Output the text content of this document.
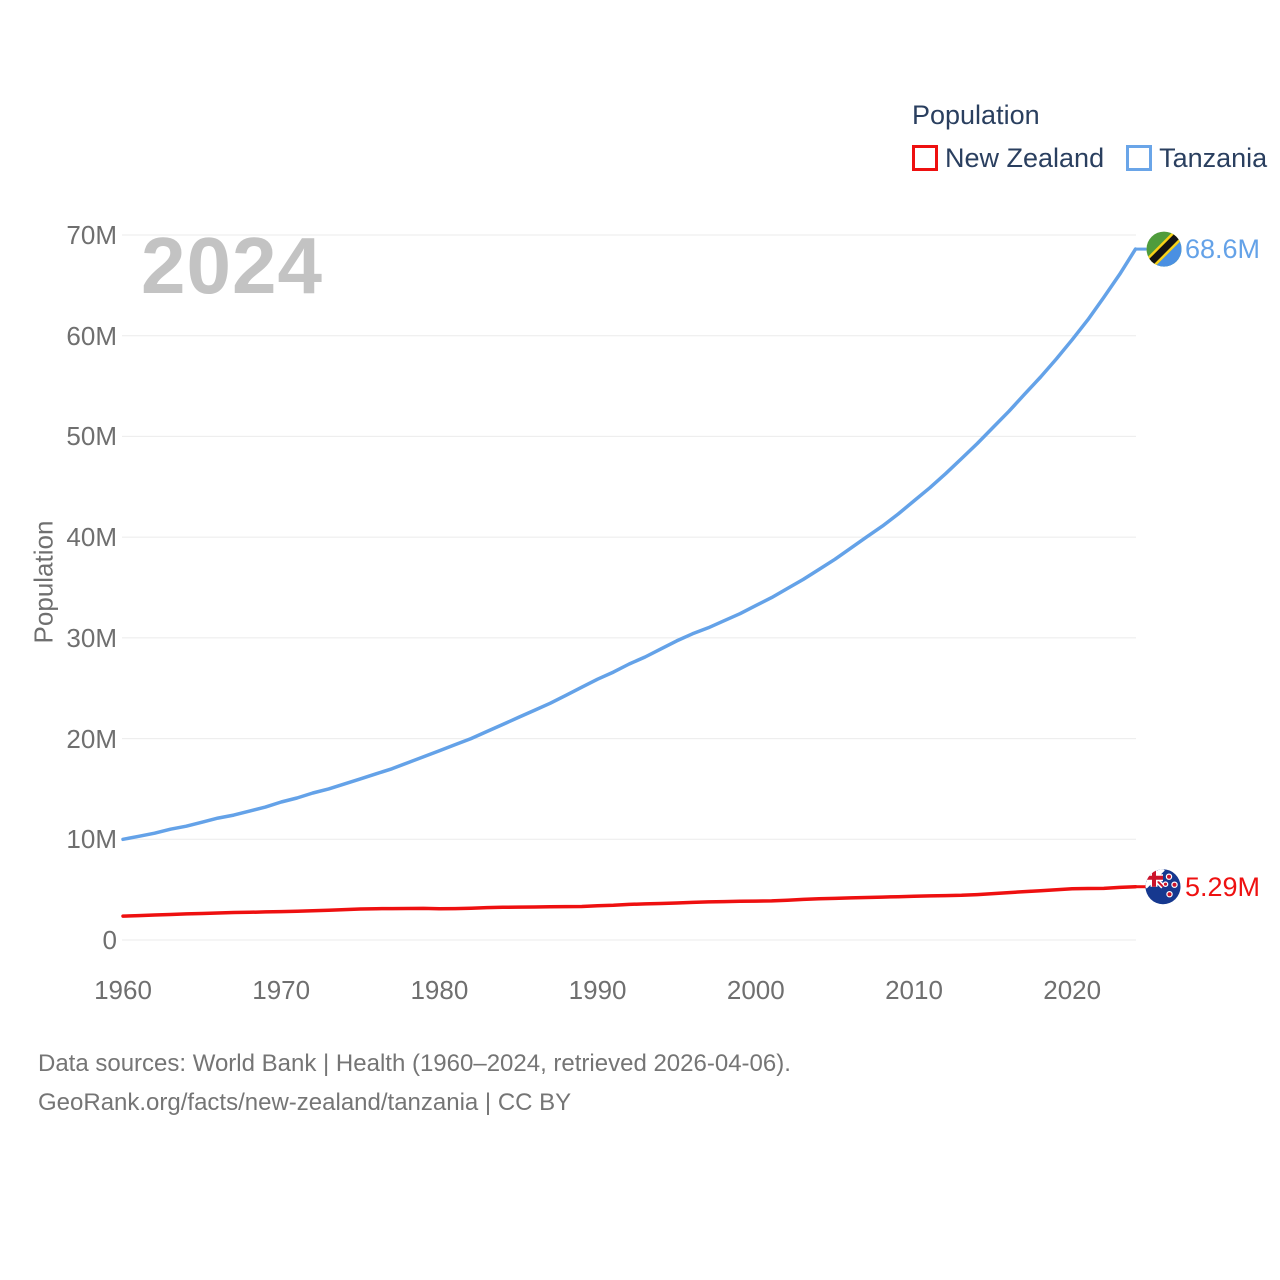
0
10M
20M
30M
40M
50M
60M
70M
1960	1970	1980	1990	2000	2010	2020
2024
Population
Population
New Zealand Tanzania
68.6M
5.29M
Data sources: World Bank | Health (1960–2024, retrieved 2026-04-06).
GeoRank.org/facts/new-zealand/tanzania | CC BY
